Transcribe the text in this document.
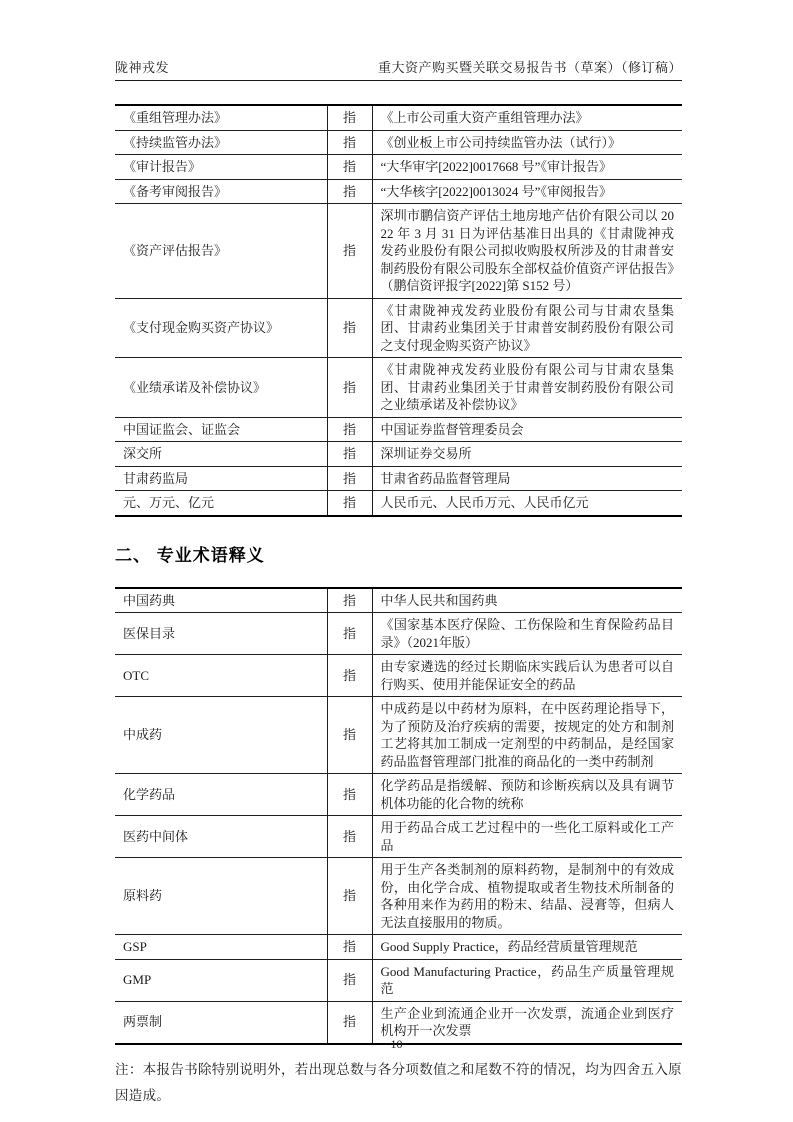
陇神戎发	重大资产购买暨关联交易报告书（草案）（修订稿）
《重组管理办法》	指	《上市公司重大资产重组管理办法》
《持续监管办法》	指	《创业板上市公司持续监管办法（试行）》
《审计报告》	指	“大华审字[2022]0017668 号”《审计报告》
《备考审阅报告》	指	“大华核字[2022]0013024 号”《审阅报告》
《资产评估报告》	指	深圳市鹏信资产评估土地房地产估价有限公司以 2022 年 3 月 31 日为评估基准日出具的《甘肃陇神戎发药业股份有限公司拟收购股权所涉及的甘肃普安制药股份有限公司股东全部权益价值资产评估报告》（鹏信资评报字[2022]第 S152 号）
《支付现金购买资产协议》	指	《甘肃陇神戎发药业股份有限公司与甘肃农垦集团、甘肃药业集团关于甘肃普安制药股份有限公司之支付现金购买资产协议》
《业绩承诺及补偿协议》	指	《甘肃陇神戎发药业股份有限公司与甘肃农垦集团、甘肃药业集团关于甘肃普安制药股份有限公司之业绩承诺及补偿协议》
中国证监会、证监会	指	中国证券监督管理委员会
深交所	指	深圳证券交易所
甘肃药监局	指	甘肃省药品监督管理局
元、万元、亿元	指	人民币元、人民币万元、人民币亿元
二、 专业术语释义
中国药典	指	中华人民共和国药典
医保目录	指	《国家基本医疗保险、工伤保险和生育保险药品目录》（2021年版）
OTC	指	由专家遴选的经过长期临床实践后认为患者可以自行购买、使用并能保证安全的药品
中成药	指	中成药是以中药材为原料，在中医药理论指导下，为了预防及治疗疾病的需要，按规定的处方和制剂工艺将其加工制成一定剂型的中药制品，是经国家药品监督管理部门批准的商品化的一类中药制剂
化学药品	指	化学药品是指缓解、预防和诊断疾病以及具有调节机体功能的化合物的统称
医药中间体	指	用于药品合成工艺过程中的一些化工原料或化工产品
原料药	指	用于生产各类制剂的原料药物，是制剂中的有效成份，由化学合成、植物提取或者生物技术所制备的各种用来作为药用的粉末、结晶、浸膏等，但病人无法直接服用的物质。
GSP	指	Good Supply Practice，药品经营质量管理规范
GMP	指	Good Manufacturing Practice，药品生产质量管理规范
两票制	指	生产企业到流通企业开一次发票，流通企业到医疗机构开一次发票
注：本报告书除特别说明外，若出现总数与各分项数值之和尾数不符的情况，均为四舍五入原因造成。
10
